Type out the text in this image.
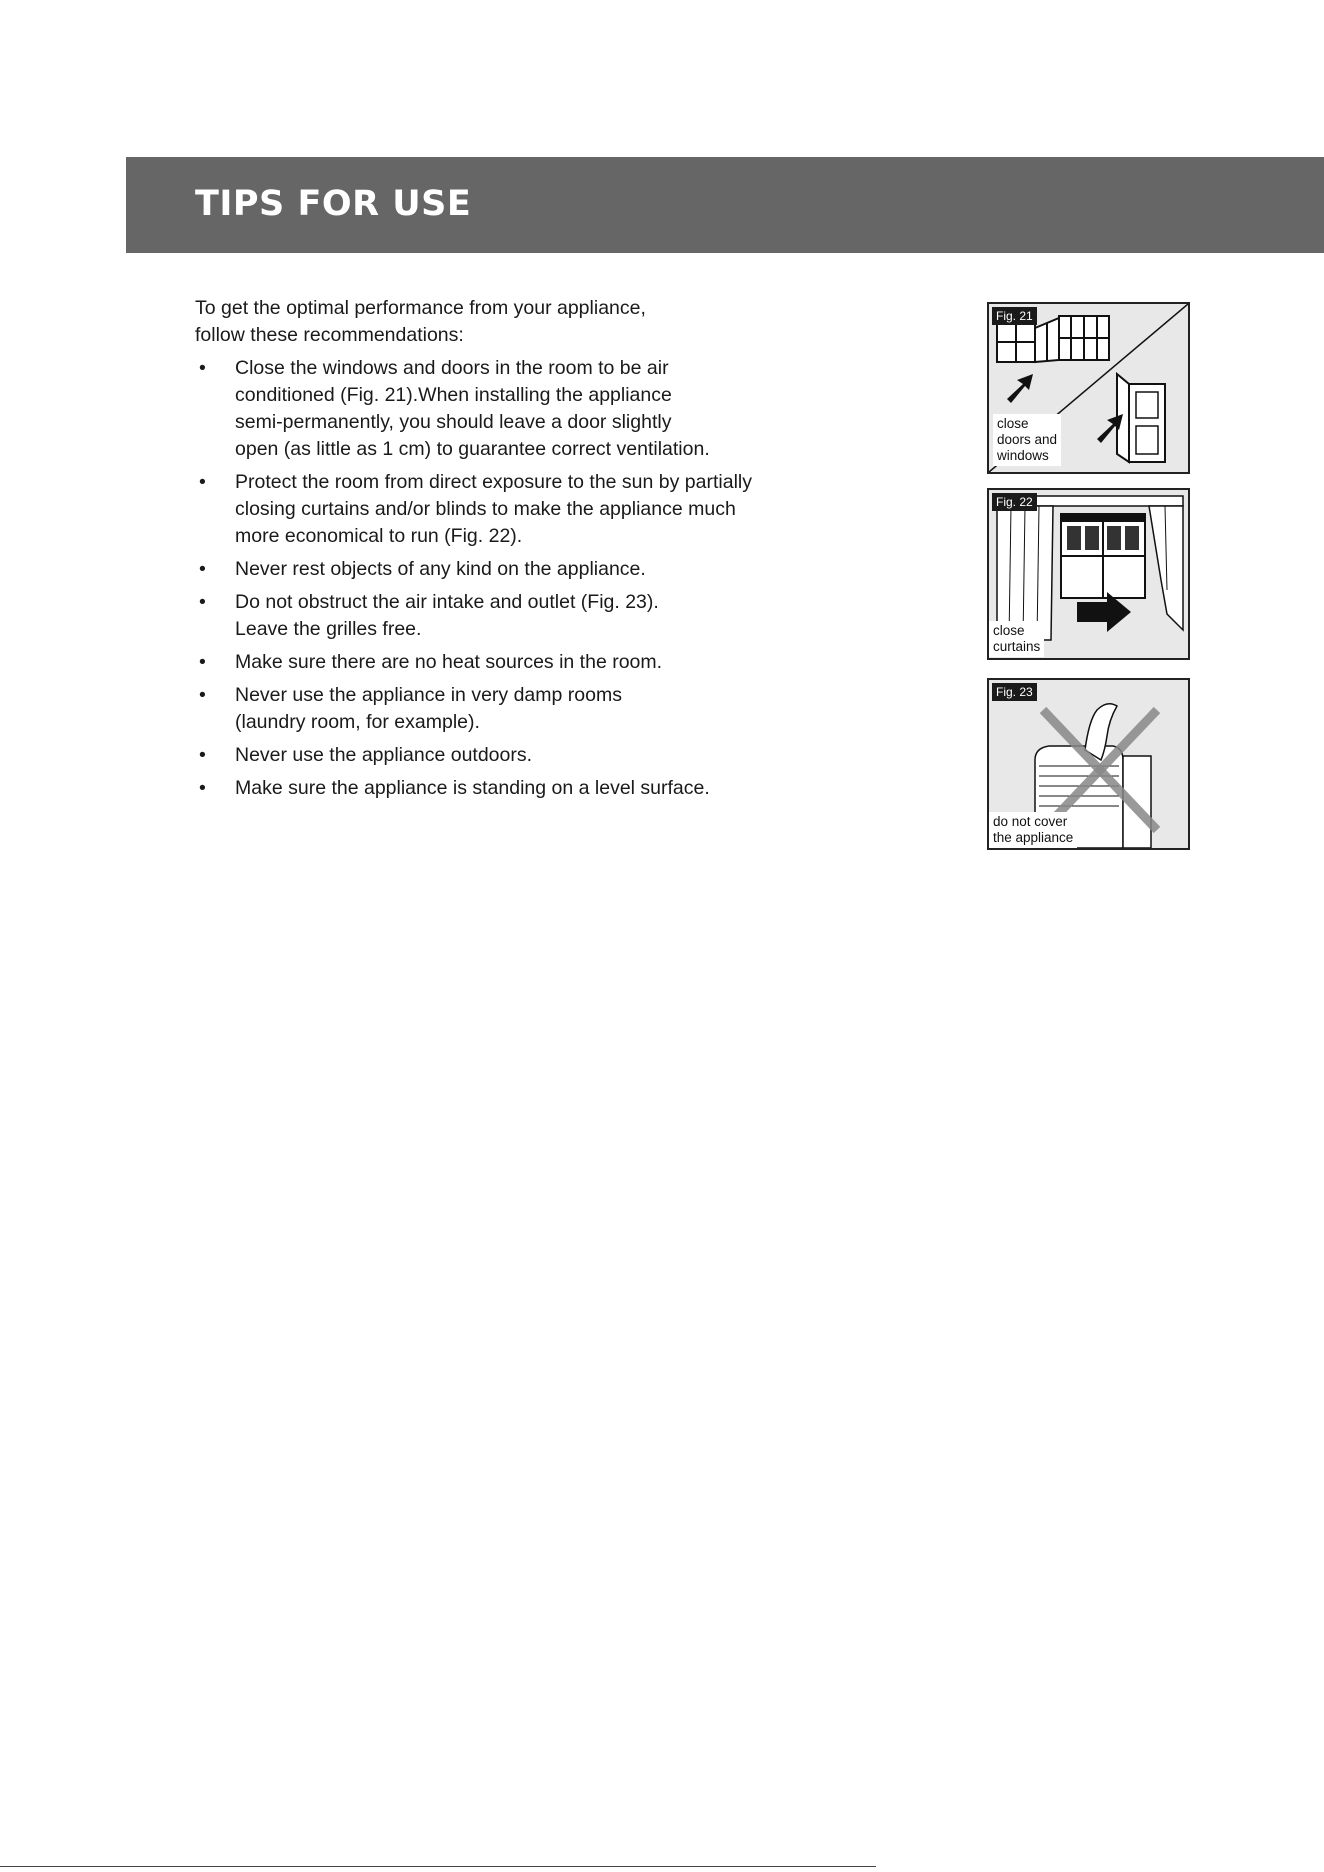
TIPS FOR USE

To get the optimal performance from your appliance,

follow these recommendations:

• Close the windows and doors in the room to be air
conditioned (Fig. 21).When installing the appliance
semi-permanently, you should leave a door slightly
open (as little as 1 cm) to guarantee correct ventilation.
• Protect the room from direct exposure to the sun by partially
closing curtains and/or blinds to make the appliance much
more economical to run (Fig. 22).
• Never rest objects of any kind on the appliance.
• Do not obstruct the air intake and outlet (Fig. 23).
Leave the grilles free.
• Make sure there are no heat sources in the room.
• Never use the appliance in very damp rooms
(laundry room, for example).
• Never use the appliance outdoors.
• Make sure the appliance is standing on a level surface.
Fig. 21
close
doors and
windows
Fig. 22
close
curtains
Fig. 23
do not cover
the appliance
